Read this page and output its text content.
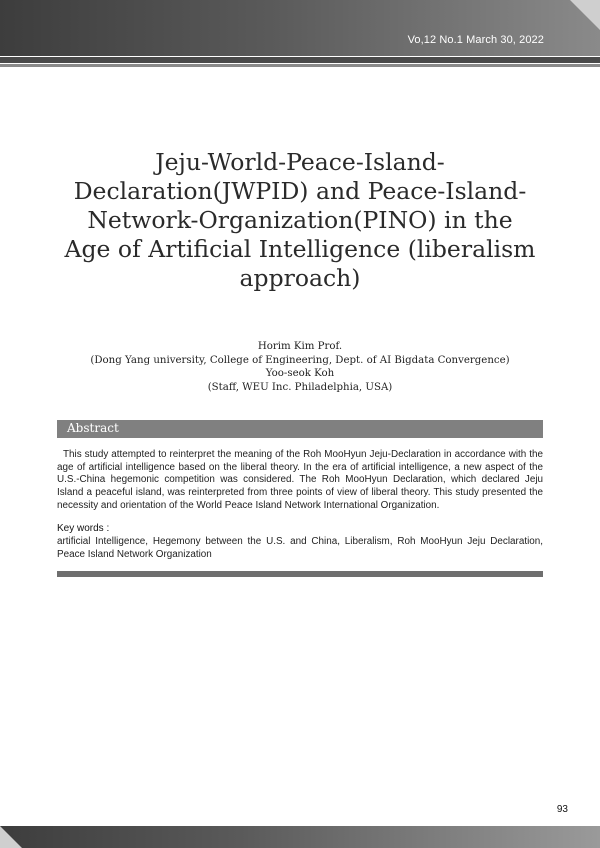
Vo,12 No.1 March 30, 2022
Jeju-World-Peace-Island-
Declaration(JWPID) and Peace-Island-
Network-Organization(PINO) in the
Age of Artificial Intelligence (liberalism
approach)
Horim Kim Prof.
(Dong Yang university, College of Engineering, Dept. of AI Bigdata Convergence)
Yoo-seok Koh
(Staff, WEU Inc. Philadelphia, USA)
Abstract

This study attempted to reinterpret the meaning of the Roh MooHyun Jeju-Declaration in accordance with the age of artificial intelligence based on the liberal theory. In the era of artificial intelligence, a new aspect of the U.S.-China hegemonic competition was considered. The Roh MooHyun Declaration, which declared Jeju Island a peaceful island, was reinterpreted from three points of view of liberal theory. This study presented the necessity and orientation of the World Peace Island Network International Organization.

Key words :

artificial Intelligence, Hegemony between the U.S. and China, Liberalism, Roh MooHyun Jeju Declaration, Peace Island Network Organization

93
